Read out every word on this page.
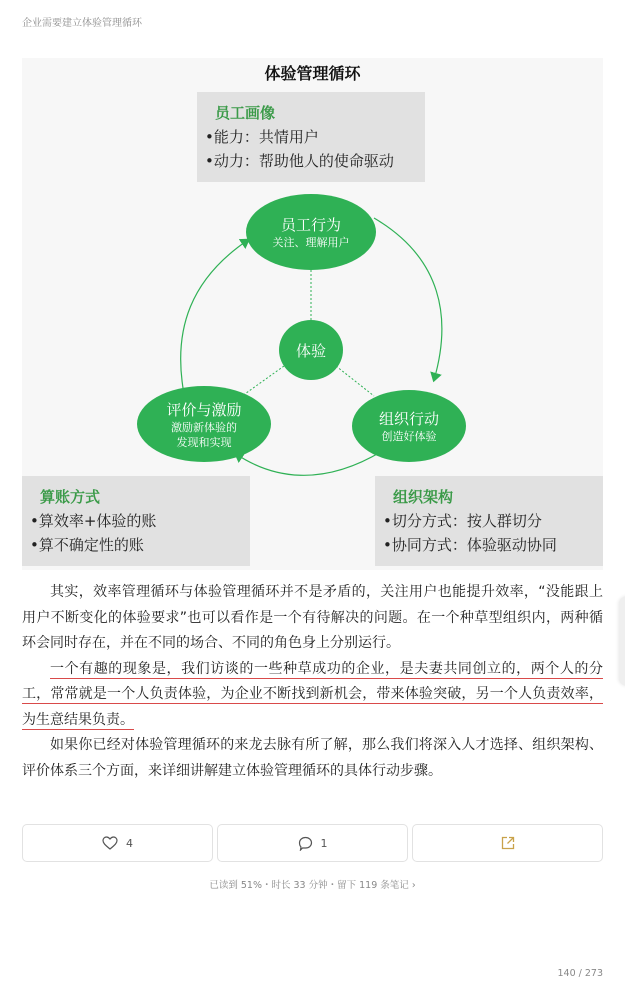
企业需要建立体验管理循环
体验管理循环
员工画像
•能力：共情用户
•动力：帮助他人的使命驱动
员工行为
关注、理解用户
体验
评价与激励
激励新体验的
发现和实现
组织行动
创造好体验
算账方式
•算效率+体验的账
•算不确定性的账
组织架构
•切分方式：按人群切分
•协同方式：体验驱动协同

其实，效率管理循环与体验管理循环并不是矛盾的，关注用户也能提升效率，“没能跟上用户不断变化的体验要求”也可以看作是一个有待解决的问题。在一个种草型组织内，两种循环会同时存在，并在不同的场合、不同的角色身上分别运行。

一个有趣的现象是，我们访谈的一些种草成功的企业，是夫妻共同创立的，两个人的分工，常常就是一个人负责体验，为企业不断找到新机会，带来体验突破，另一个人负责效率，为生意结果负责。

如果你已经对体验管理循环的来龙去脉有所了解，那么我们将深入人才选择、组织架构、评价体系三个方面，来详细讲解建立体验管理循环的具体行动步骤。

4	1
已读到 51%・时长 33 分钟・留下 119 条笔记 ›
140 / 273
